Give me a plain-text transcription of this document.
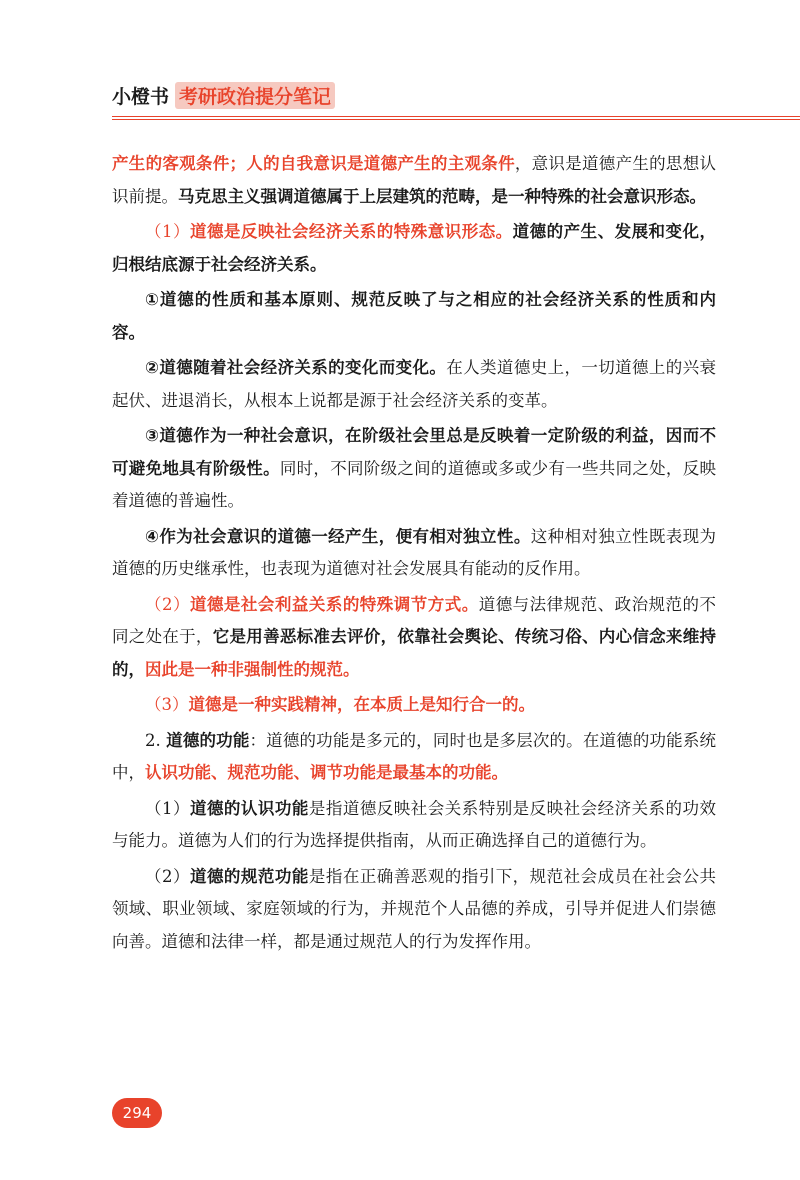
小橙书 考研政治提分笔记

产生的客观条件；人的自我意识是道德产生的主观条件，意识是道德产生的思想认识前提。马克思主义强调道德属于上层建筑的范畴，是一种特殊的社会意识形态。

（1）道德是反映社会经济关系的特殊意识形态。道德的产生、发展和变化，归根结底源于社会经济关系。

①道德的性质和基本原则、规范反映了与之相应的社会经济关系的性质和内容。

②道德随着社会经济关系的变化而变化。在人类道德史上，一切道德上的兴衰起伏、进退消长，从根本上说都是源于社会经济关系的变革。

③道德作为一种社会意识，在阶级社会里总是反映着一定阶级的利益，因而不可避免地具有阶级性。同时，不同阶级之间的道德或多或少有一些共同之处，反映着道德的普遍性。

④作为社会意识的道德一经产生，便有相对独立性。这种相对独立性既表现为道德的历史继承性，也表现为道德对社会发展具有能动的反作用。

（2）道德是社会利益关系的特殊调节方式。道德与法律规范、政治规范的不同之处在于，它是用善恶标准去评价，依靠社会舆论、传统习俗、内心信念来维持的，因此是一种非强制性的规范。

（3）道德是一种实践精神，在本质上是知行合一的。

2. 道德的功能：道德的功能是多元的，同时也是多层次的。在道德的功能系统中，认识功能、规范功能、调节功能是最基本的功能。

（1）道德的认识功能是指道德反映社会关系特别是反映社会经济关系的功效与能力。道德为人们的行为选择提供指南，从而正确选择自己的道德行为。

（2）道德的规范功能是指在正确善恶观的指引下，规范社会成员在社会公共领域、职业领域、家庭领域的行为，并规范个人品德的养成，引导并促进人们崇德向善。道德和法律一样，都是通过规范人的行为发挥作用。

294
